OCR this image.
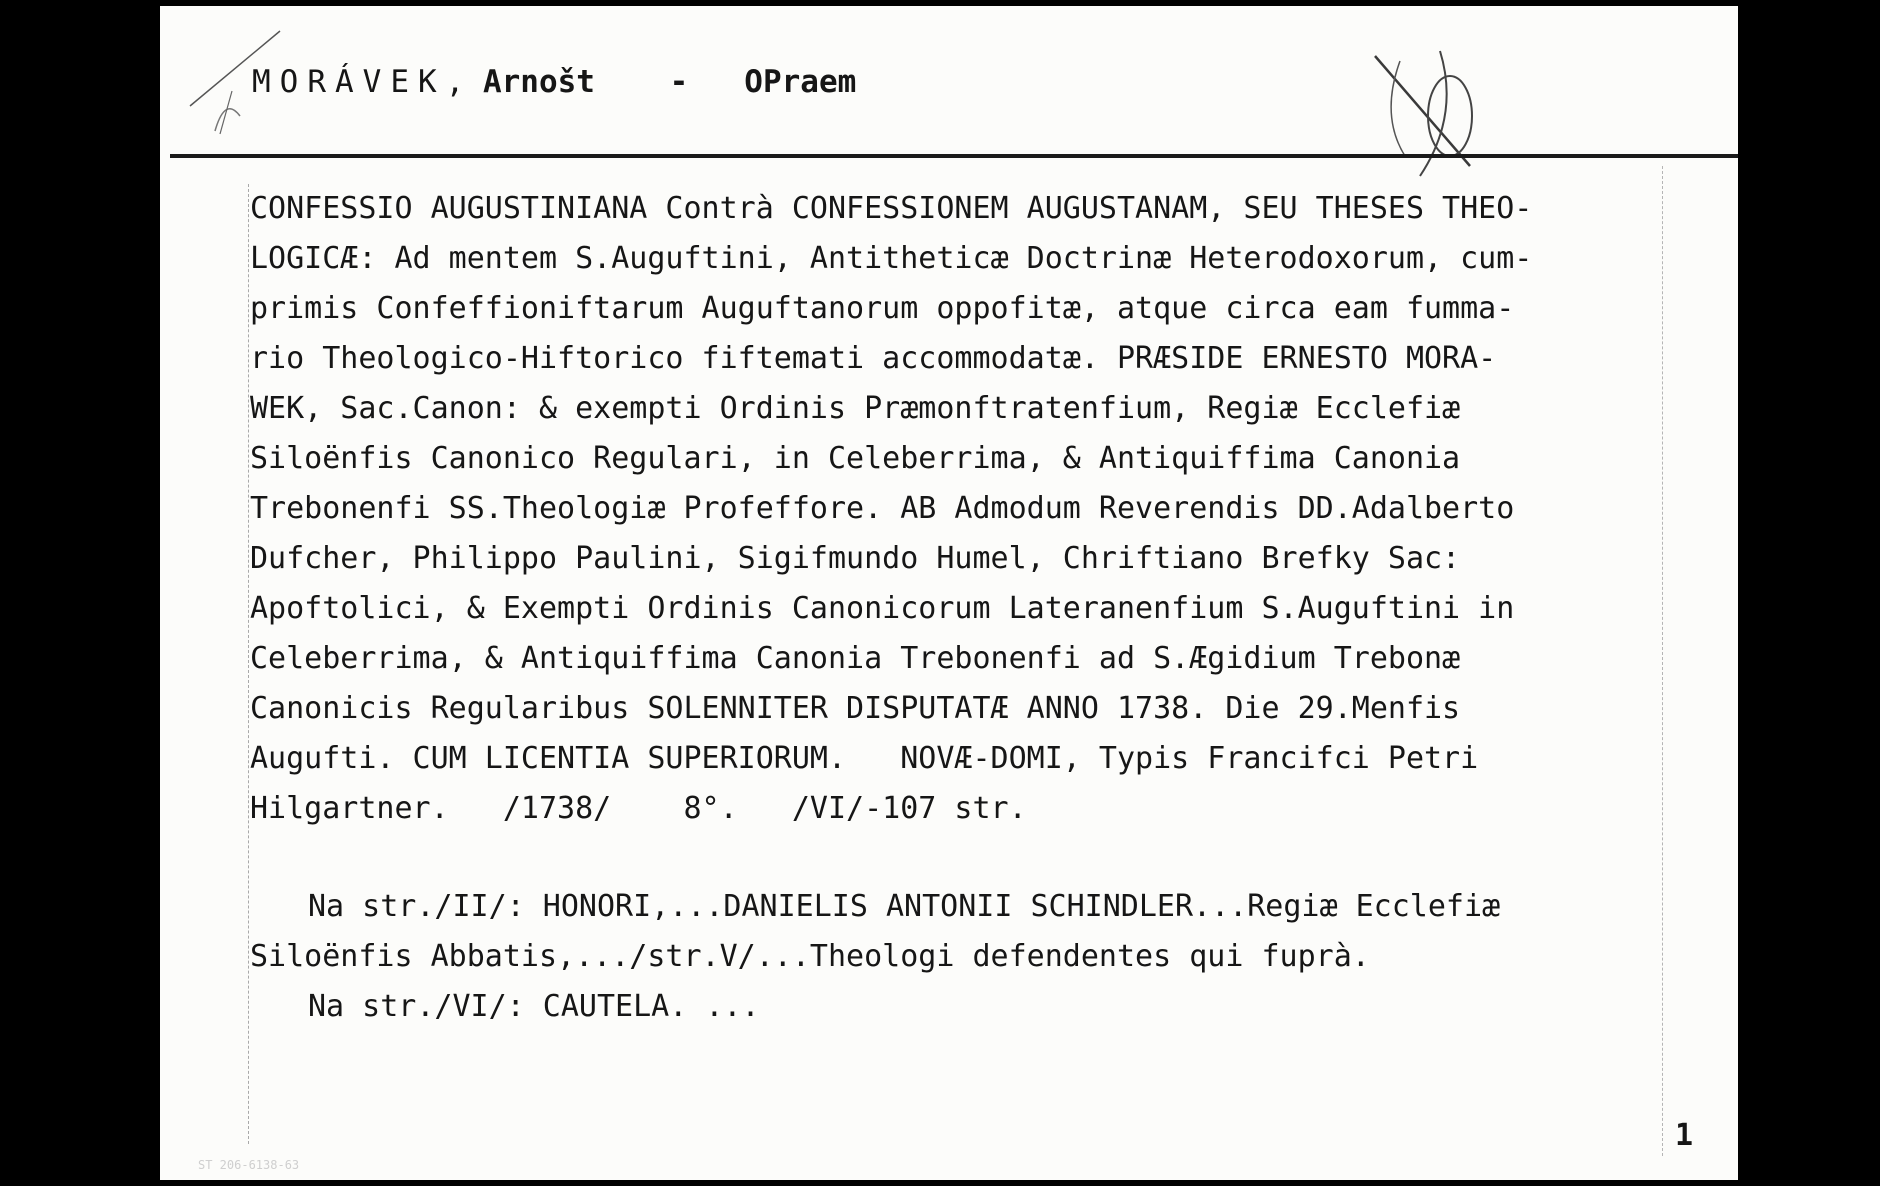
MORÁVEK, Arnošt - OPraem
CONFESSIO AUGUSTINIANA Contrà CONFESSIONEM AUGUSTANAM, SEU THESES THEO-
LOGICÆ: Ad mentem S.Auguftini, Antitheticæ Doctrinæ Heterodoxorum, cum-
primis Confeffioniftarum Auguftanorum oppofitæ, atque circa eam fumma-
rio Theologico-Hiftorico fiftemati accommodatæ. PRÆSIDE ERNESTO MORA-
WEK, Sac.Canon: & exempti Ordinis Præmonftratenfium, Regiæ Ecclefiæ
Siloënfis Canonico Regulari, in Celeberrima, & Antiquiffima Canonia
Trebonenfi SS.Theologiæ Profeffore. AB Admodum Reverendis DD.Adalberto
Dufcher, Philippo Paulini, Sigifmundo Humel, Chriftiano Brefky Sac:
Apoftolici, & Exempti Ordinis Canonicorum Lateranenfium S.Auguftini in
Celeberrima, & Antiquiffima Canonia Trebonenfi ad S.Ægidium Trebonæ
Canonicis Regularibus SOLENNITER DISPUTATÆ ANNO 1738. Die 29.Menfis
Augufti. CUM LICENTIA SUPERIORUM.   NOVÆ-DOMI, Typis Francifci Petri
Hilgartner.   /1738/    8°.   /VI/-107 str.
Na str./II/: HONORI,...DANIELIS ANTONII SCHINDLER...Regiæ Ecclefiæ
Siloënfis Abbatis,.../str.V/...Theologi defendentes qui fuprà.
Na str./VI/: CAUTELA. ...
1
ST 206-6138-63
